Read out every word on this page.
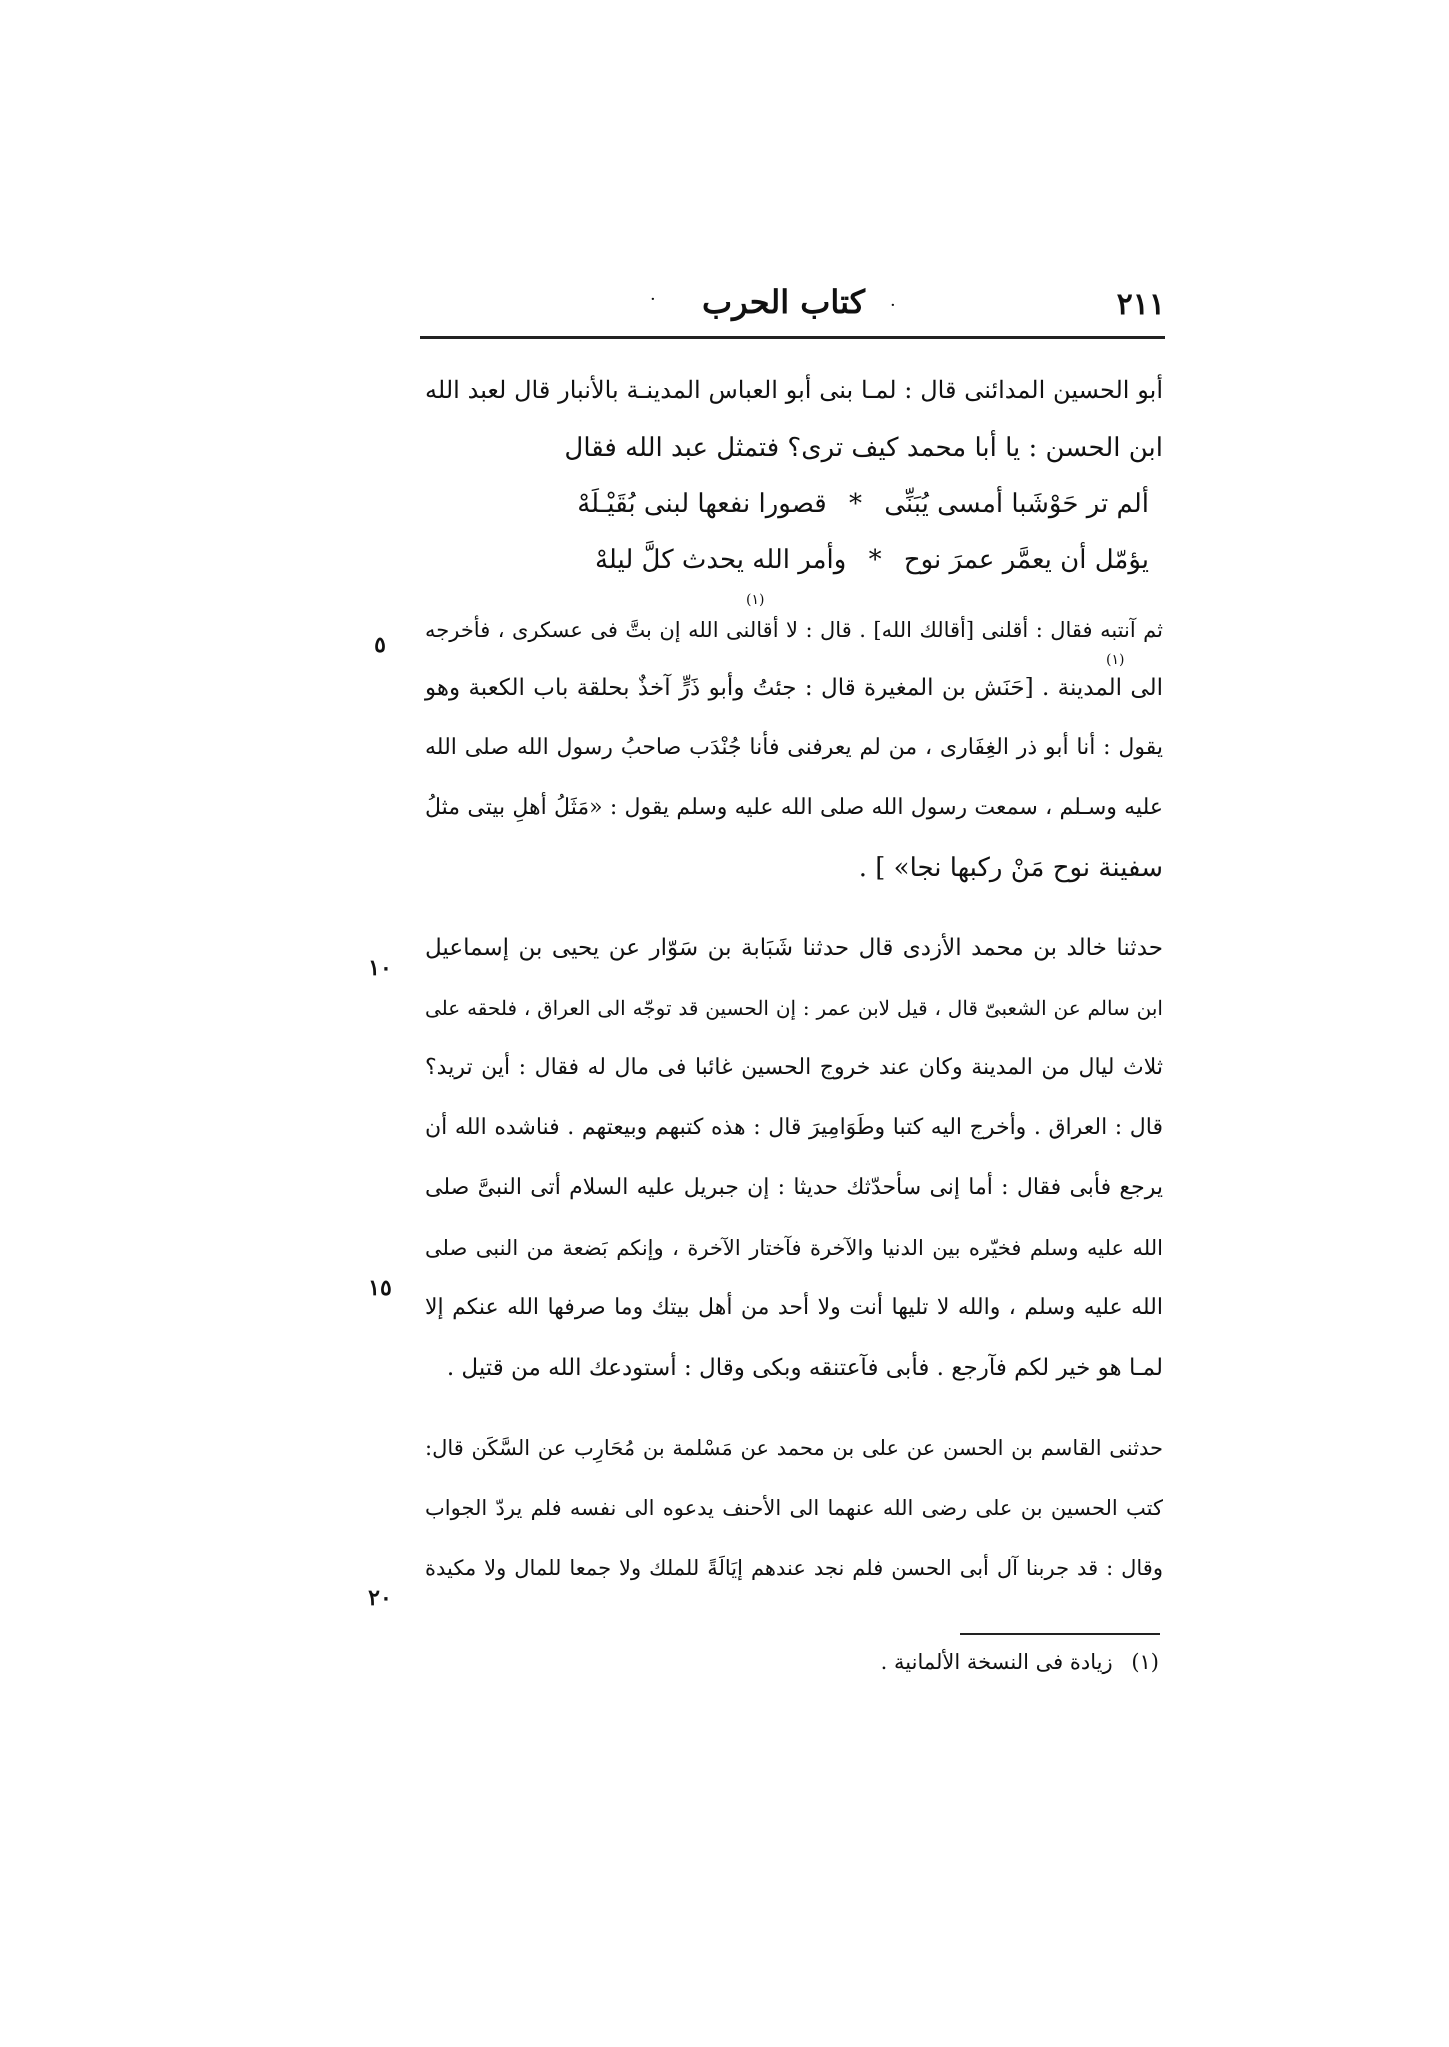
٢١١
كتاب الحرب
·	·
أبو الحسين المدائنى قال : لمـا بنى أبو العباس المدينـة بالأنبار قال لعبد الله
ابن الحسن : يا أبا محمد كيف ترى؟ فتمثل عبد الله فقال
ألم تر حَوْشَبا أمسى يُبَنِّى * قصورا نفعها لبنى بُقَيْـلَهْ
يؤمّل أن يعمَّر عمرَ نوح * وأمر الله يحدث كلَّ ليلهْ
(١)
ثم آنتبه فقال : أقلنى [أقالك الله] . قال : لا أقالنى الله إن بتَّ فى عسكرى ، فأخرجه
(١)
الى المدينة . [حَنَش بن المغيرة قال : جئتُ وأبو ذَرٍّ آخذٌ بحلقة باب الكعبة وهو
يقول : أنا أبو ذر الغِفَارى ، من لم يعرفنى فأنا جُنْدَب صاحبُ رسول الله صلى الله
عليه وسـلم ، سمعت رسول الله صلى الله عليه وسلم يقول : «مَثَلُ أهلِ بيتى مثلُ
سفينة نوح مَنْ ركبها نجا» ] .
حدثنا خالد بن محمد الأزدى قال حدثنا شَبَابة بن سَوّار عن يحيى بن إسماعيل
ابن سالم عن الشعبىّ قال ، قيل لابن عمر : إن الحسين قد توجّه الى العراق ، فلحقه على
ثلاث ليال من المدينة وكان عند خروج الحسين غائبا فى مال له فقال : أين تريد؟
قال : العراق . وأخرج اليه كتبا وطَوَامِيرَ قال : هذه كتبهم وبيعتهم . فناشده الله أن
يرجع فأبى فقال : أما إنى سأحدّثك حديثا : إن جبريل عليه السلام أتى النبىَّ صلى
الله عليه وسلم فخيّره بين الدنيا والآخرة فآختار الآخرة ، وإنكم بَضعة من النبى صلى
الله عليه وسلم ، والله لا تليها أنت ولا أحد من أهل بيتك وما صرفها الله عنكم إلا
لمـا هو خير لكم فآرجع . فأبى فآعتنقه وبكى وقال : أستودعك الله من قتيل .
حدثنى القاسم بن الحسن عن على بن محمد عن مَسْلمة بن مُحَارِب عن السَّكَن قال:
كتب الحسين بن على رضى الله عنهما الى الأحنف يدعوه الى نفسه فلم يردّ الجواب
وقال : قد جربنا آل أبى الحسن فلم نجد عندهم إيَالَةً للملك ولا جمعا للمال ولا مكيدة
٥
١٠
١٥
٢٠
(١) زيادة فى النسخة الألمانية .
